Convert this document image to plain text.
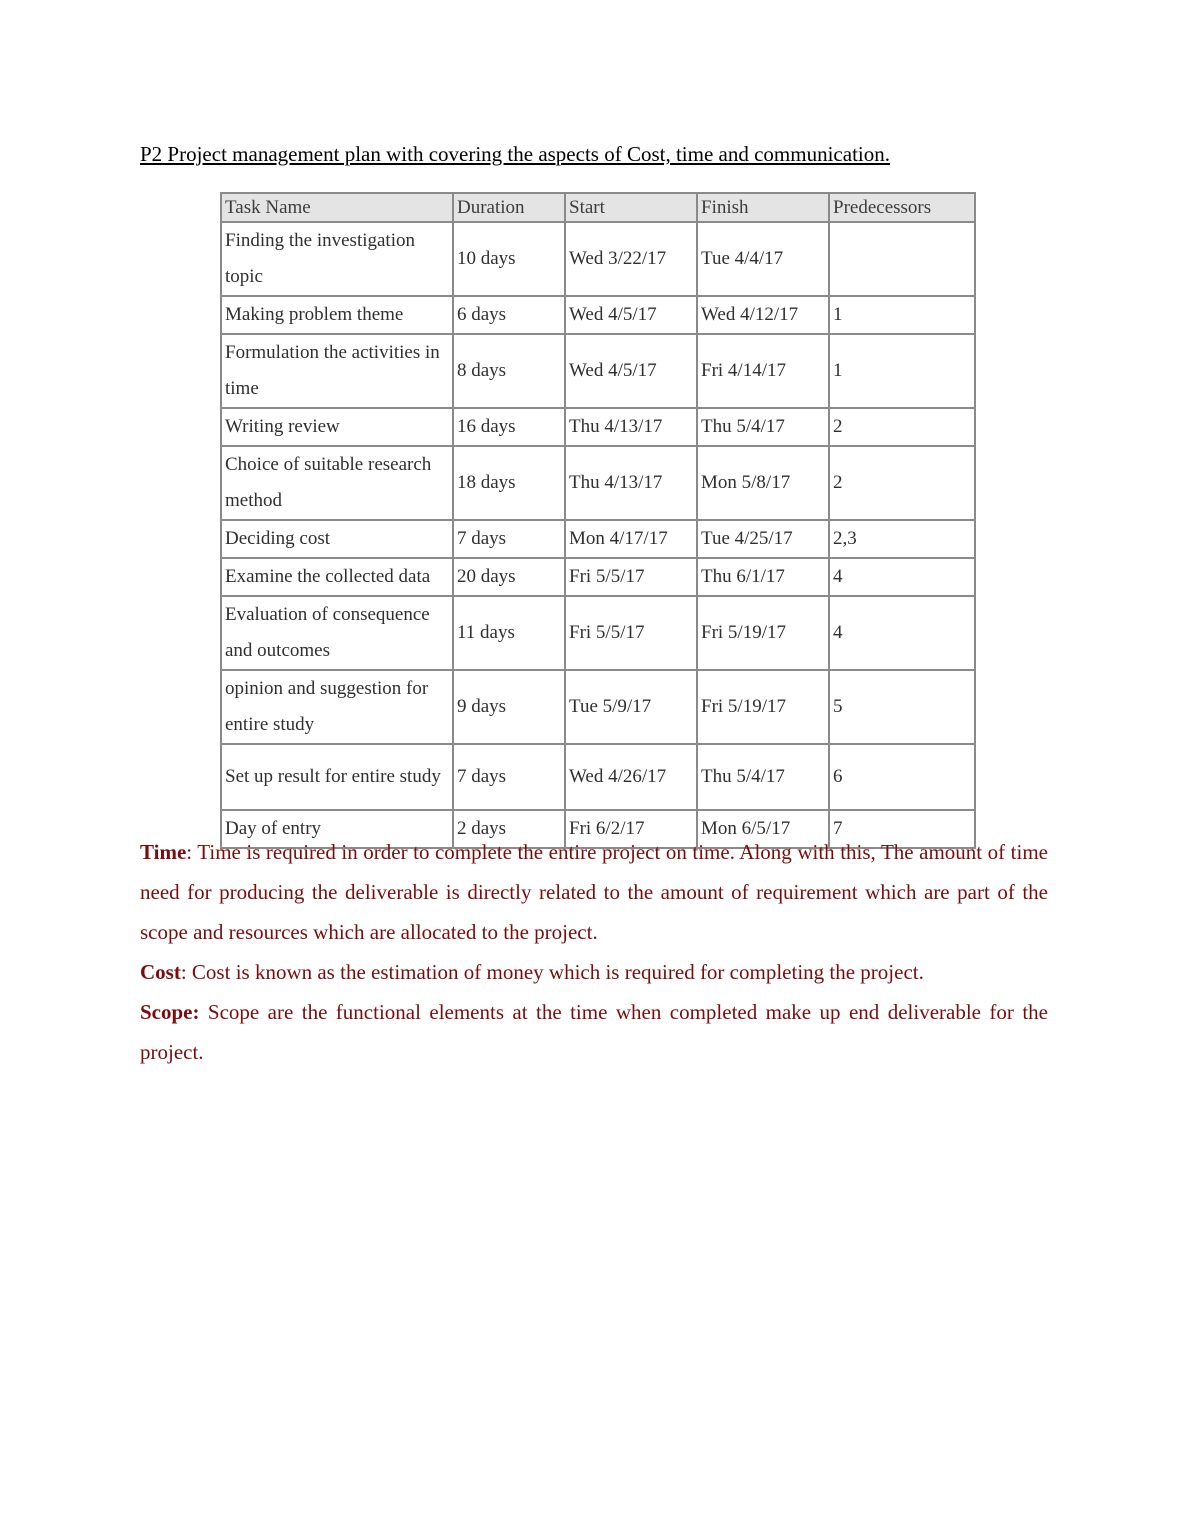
P2 Project management plan with covering the aspects of Cost, time and communication.
Task Name	Duration	Start	Finish	Predecessors
Finding the investigation topic	10 days	Wed 3/22/17	Tue 4/4/17	
Making problem theme	6 days	Wed 4/5/17	Wed 4/12/17	1
Formulation the activities in time	8 days	Wed 4/5/17	Fri 4/14/17	1
Writing review	16 days	Thu 4/13/17	Thu 5/4/17	2
Choice of suitable research method	18 days	Thu 4/13/17	Mon 5/8/17	2
Deciding cost	7 days	Mon 4/17/17	Tue 4/25/17	2,3
Examine the collected data	20 days	Fri 5/5/17	Thu 6/1/17	4
Evaluation of consequence and outcomes	11 days	Fri 5/5/17	Fri 5/19/17	4
opinion and suggestion for entire study	9 days	Tue 5/9/17	Fri 5/19/17	5
Set up result for entire study	7 days	Wed 4/26/17	Thu 5/4/17	6
Day of entry	2 days	Fri 6/2/17	Mon 6/5/17	7

Time: Time is required in order to complete the entire project on time. Along with this, The amount of time need for producing the deliverable is directly related to the amount of requirement which are part of the scope and resources which are allocated to the project.

Cost: Cost is known as the estimation of money which is required for completing the project.

Scope: Scope are the functional elements at the time when completed make up end deliverable for the project.
